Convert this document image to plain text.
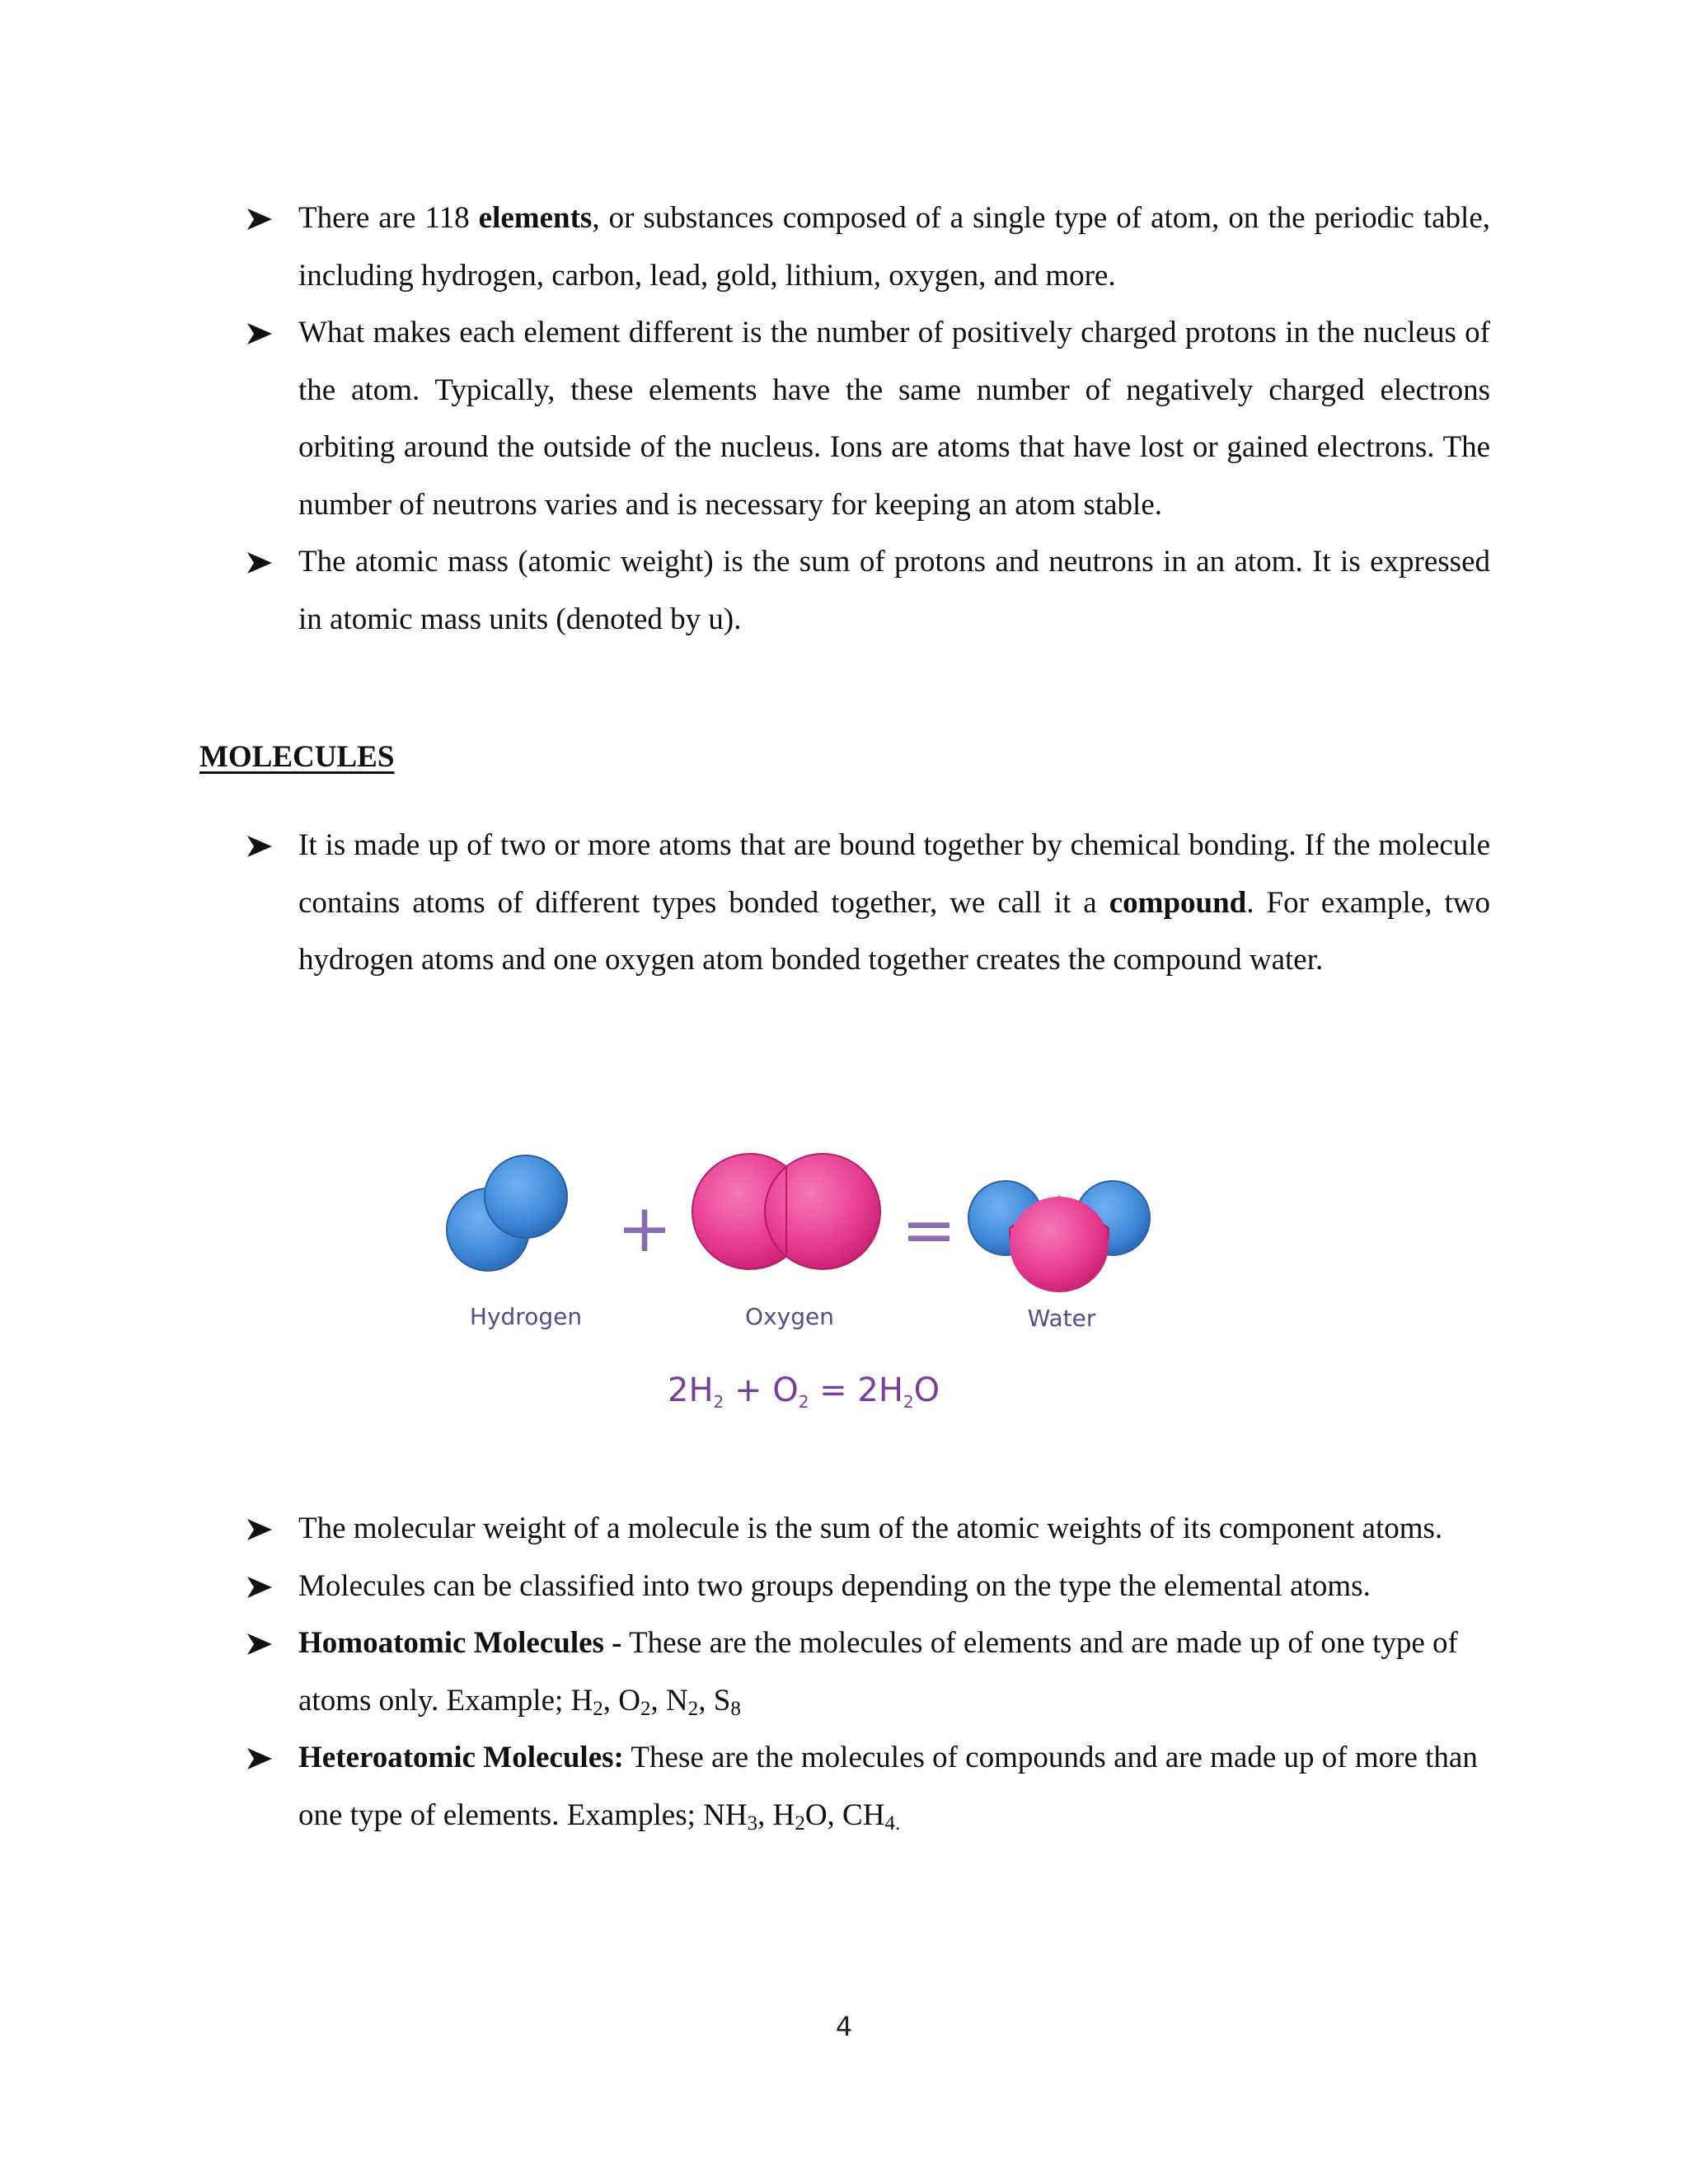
There are 118 elements, or substances composed of a single type of atom, on the periodic table, including hydrogen, carbon, lead, gold, lithium, oxygen, and more.
What makes each element different is the number of positively charged protons in the nucleus of the atom. Typically, these elements have the same number of negatively charged electrons orbiting around the outside of the nucleus. Ions are atoms that have lost or gained electrons. The number of neutrons varies and is necessary for keeping an atom stable.
The atomic mass (atomic weight) is the sum of protons and neutrons in an atom. It is expressed in atomic mass units (denoted by u).
MOLECULES
It is made up of two or more atoms that are bound together by chemical bonding. If the molecule contains atoms of different types bonded together, we call it a compound. For example, two hydrogen atoms and one oxygen atom bonded together creates the compound water.
+	=
Hydrogen	Oxygen	Water
$2H_2 + O_2 = 2H_2O$
The molecular weight of a molecule is the sum of the atomic weights of its component atoms.
Molecules can be classified into two groups depending on the type the elemental atoms.
Homoatomic Molecules - These are the molecules of elements and are made up of one type of atoms only. Example; $H_2$, $O_2$, $N_2$, $S_8$
Heteroatomic Molecules: These are the molecules of compounds and are made up of more than one type of elements. Examples; $NH_3$, $H_2O$, $CH_{4.}$
4
